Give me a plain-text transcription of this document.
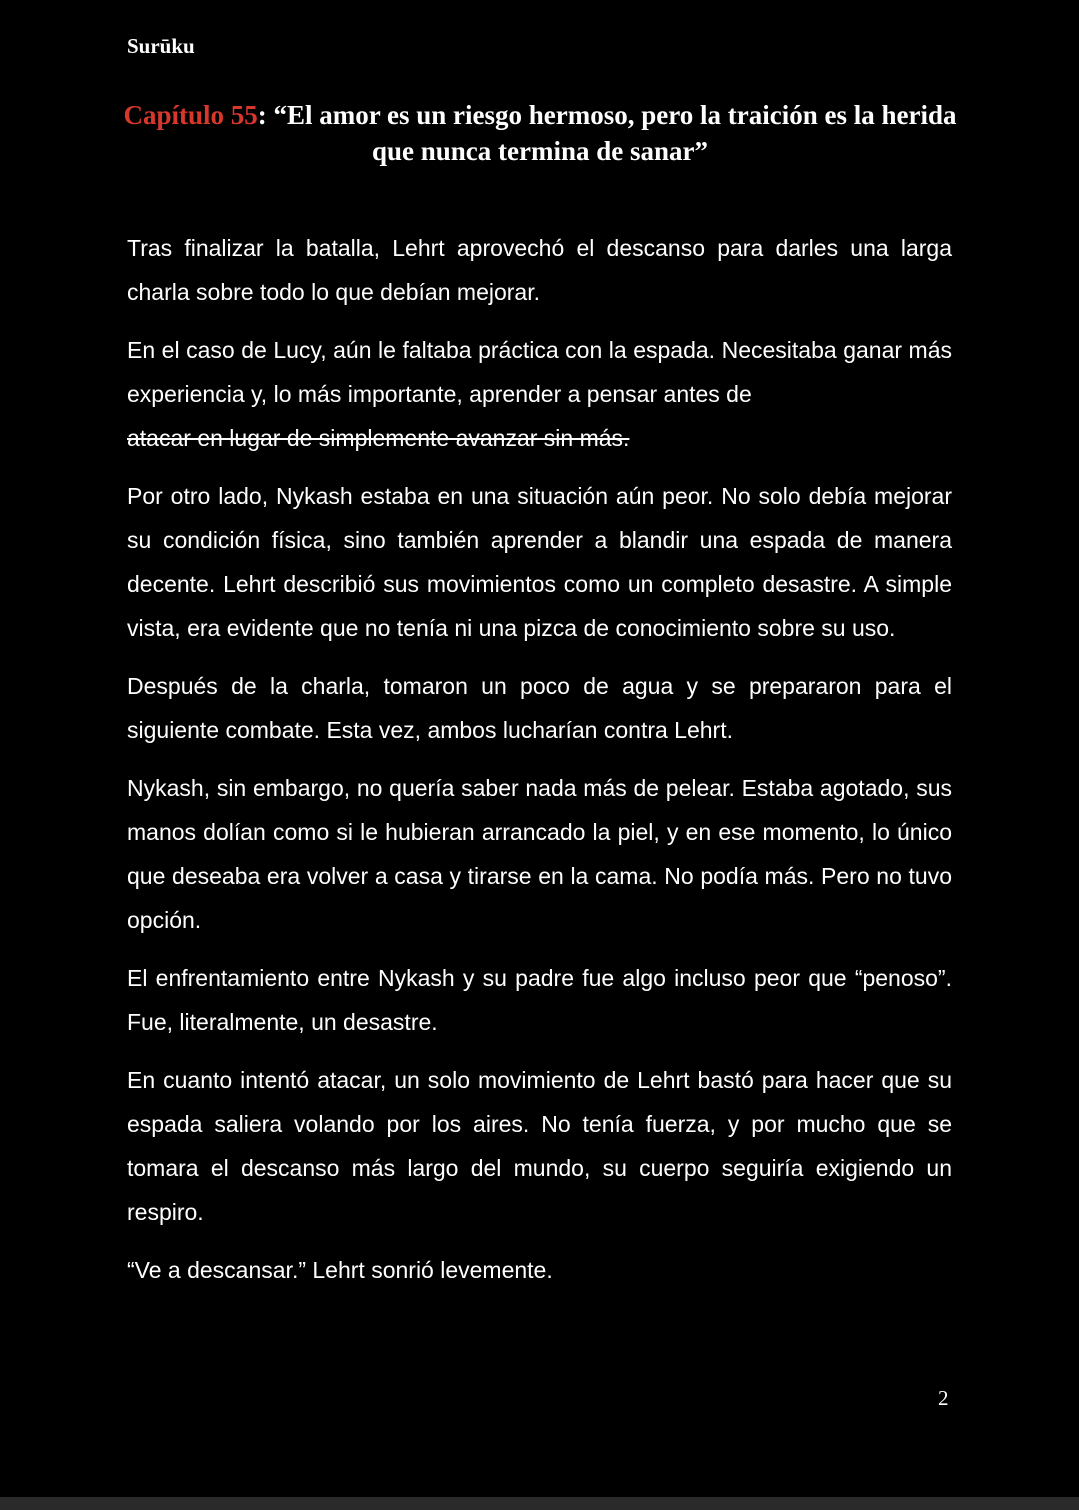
Surūku
Capítulo 55: “El amor es un riesgo hermoso, pero la traición es la herida que nunca termina de sanar”

Tras finalizar la batalla, Lehrt aprovechó el descanso para darles una larga charla sobre todo lo que debían mejorar.

En el caso de Lucy, aún le faltaba práctica con la espada. Necesitaba ganar más experiencia y, lo más importante, aprender a pensar antes de
atacar en lugar de simplemente avanzar sin más.

Por otro lado, Nykash estaba en una situación aún peor. No solo debía mejorar su condición física, sino también aprender a blandir una espada de manera decente. Lehrt describió sus movimientos como un completo desastre. A simple vista, era evidente que no tenía ni una pizca de conocimiento sobre su uso.

Después de la charla, tomaron un poco de agua y se prepararon para el siguiente combate. Esta vez, ambos lucharían contra Lehrt.

Nykash, sin embargo, no quería saber nada más de pelear. Estaba agotado, sus manos dolían como si le hubieran arrancado la piel, y en ese momento, lo único que deseaba era volver a casa y tirarse en la cama. No podía más. Pero no tuvo opción.

El enfrentamiento entre Nykash y su padre fue algo incluso peor que “penoso”. Fue, literalmente, un desastre.

En cuanto intentó atacar, un solo movimiento de Lehrt bastó para hacer que su espada saliera volando por los aires. No tenía fuerza, y por mucho que se tomara el descanso más largo del mundo, su cuerpo seguiría exigiendo un respiro.

“Ve a descansar.” Lehrt sonrió levemente.

2
